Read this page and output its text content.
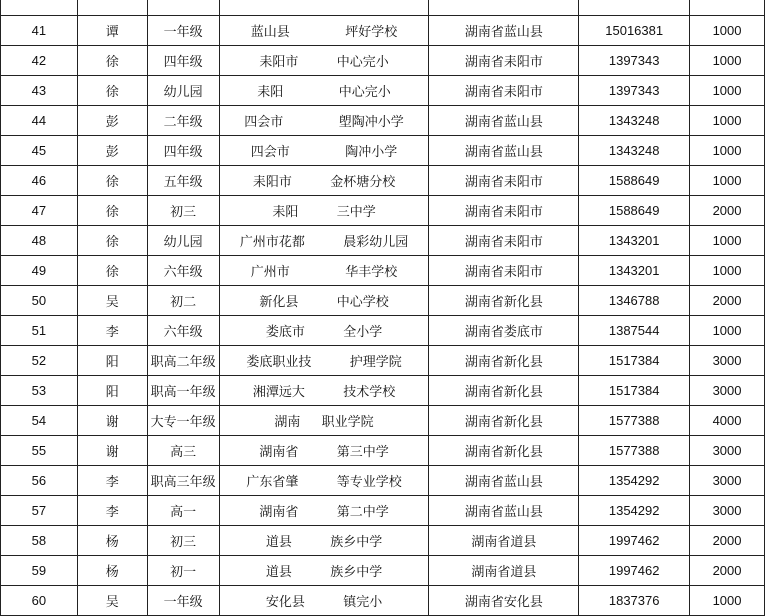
41	谭	一年级	蓝山县 　 　 　 坪好学校	湖南省蓝山县	15016381	1000
42	徐	四年级	耒阳市 　 　 中心完小	湖南省耒阳市	1397343	1000
43	徐	幼儿园	耒阳 　 　 　 中心完小	湖南省耒阳市	1397343	1000
44	彭	二年级	四会市 　 　 　 塱陶冲小学	湖南省蓝山县	1343248	1000
45	彭	四年级	四会市 　 　 　 陶冲小学	湖南省蓝山县	1343248	1000
46	徐	五年级	耒阳市 　 　 金杯塘分校	湖南省耒阳市	1588649	1000
47	徐	初三	耒阳 　 　 三中学	湖南省耒阳市	1588649	2000
48	徐	幼儿园	广州市花都 　 　 晨彩幼儿园	湖南省耒阳市	1343201	1000
49	徐	六年级	广州市 　 　 　 华丰学校	湖南省耒阳市	1343201	1000
50	吴	初二	新化县 　 　 中心学校	湖南省新化县	1346788	2000
51	李	六年级	娄底市 　 　 全小学	湖南省娄底市	1387544	1000
52	阳	职高二年级	娄底职业技 　 　 护理学院	湖南省新化县	1517384	3000
53	阳	职高一年级	湘潭远大 　 　 技术学校	湖南省新化县	1517384	3000
54	谢	大专一年级	湖南 　 职业学院	湖南省新化县	1577388	4000
55	谢	高三	湖南省 　 　 第三中学	湖南省新化县	1577388	3000
56	李	职高三年级	广东省肇 　 　 等专业学校	湖南省蓝山县	1354292	3000
57	李	高一	湖南省 　 　 第二中学	湖南省蓝山县	1354292	3000
58	杨	初三	道县 　 　 族乡中学	湖南省道县	1997462	2000
59	杨	初一	道县 　 　 族乡中学	湖南省道县	1997462	2000
60	吴	一年级	安化县 　 　 镇完小	湖南省安化县	1837376	1000
